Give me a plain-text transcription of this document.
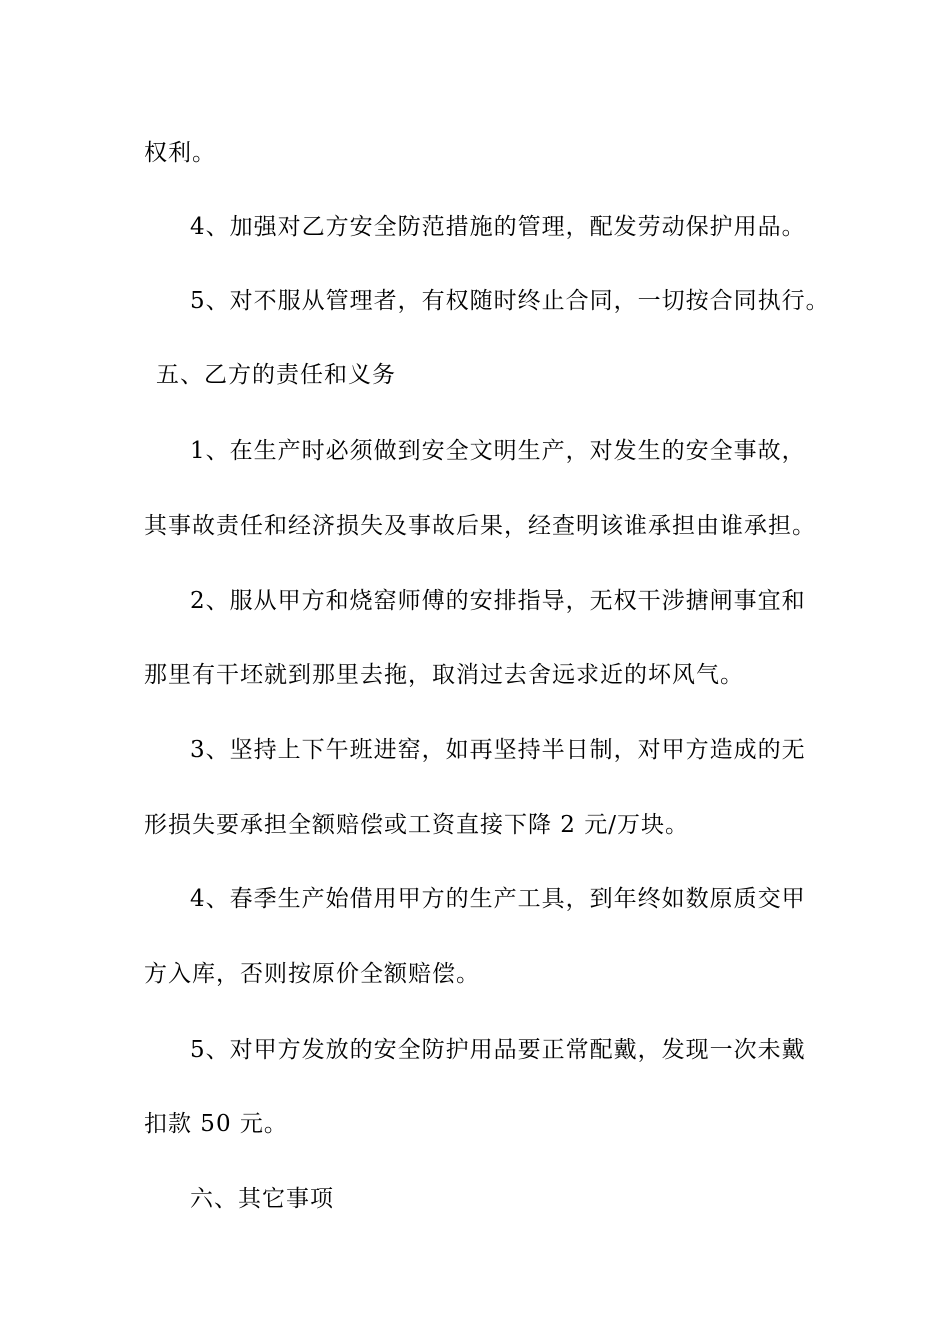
权利。
4、加强对乙方安全防范措施的管理，配发劳动保护用品。
5、对不服从管理者，有权随时终止合同，一切按合同执行。
五、乙方的责任和义务
1、在生产时必须做到安全文明生产，对发生的安全事故，
其事故责任和经济损失及事故后果，经查明该谁承担由谁承担。
2、服从甲方和烧窑师傅的安排指导，无权干涉搪闸事宜和
那里有干坯就到那里去拖，取消过去舍远求近的坏风气。
3、坚持上下午班进窑，如再坚持半日制，对甲方造成的无
形损失要承担全额赔偿或工资直接下降 2 元/万块。
4、春季生产始借用甲方的生产工具，到年终如数原质交甲
方入库，否则按原价全额赔偿。
5、对甲方发放的安全防护用品要正常配戴，发现一次未戴
扣款 50 元。
六、其它事项
